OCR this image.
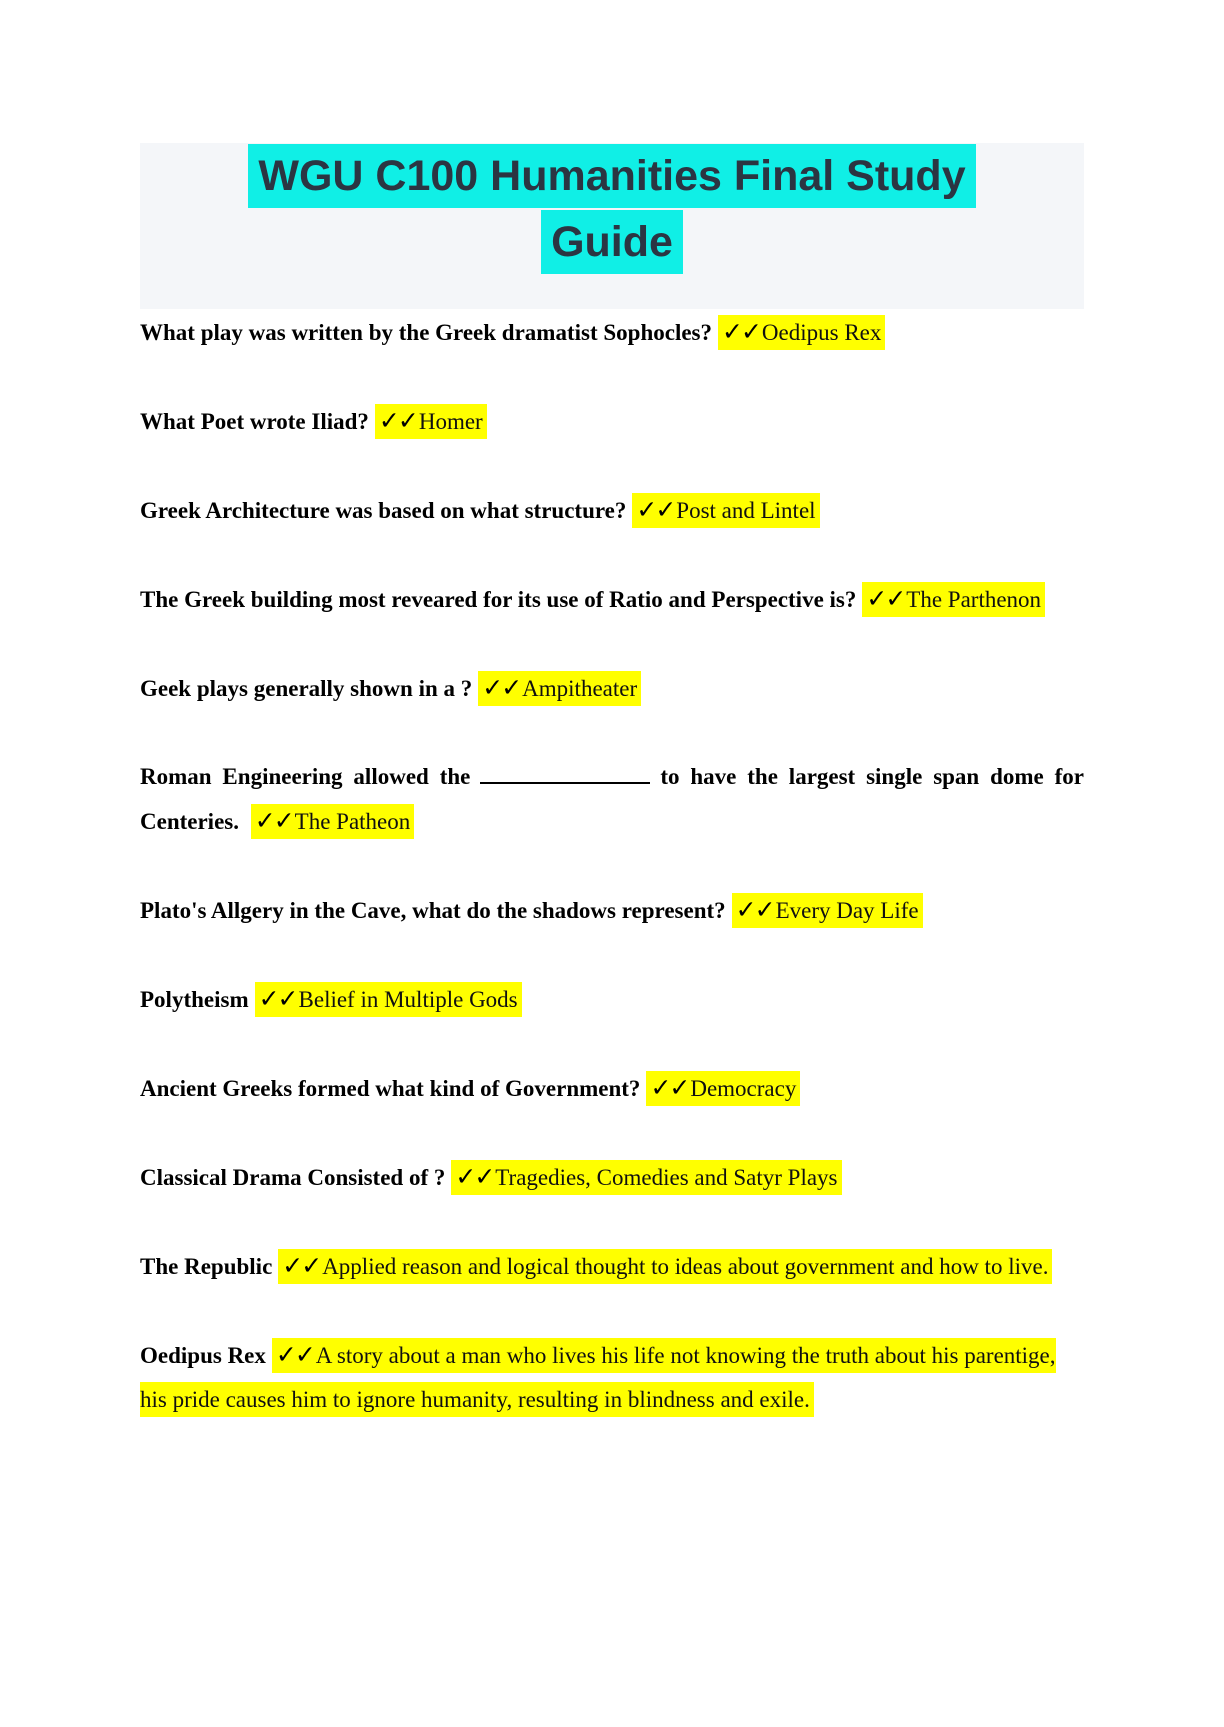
WGU C100 Humanities Final Study
Guide

What play was written by the Greek dramatist Sophocles? ✓✓Oedipus Rex

What Poet wrote Iliad? ✓✓Homer

Greek Architecture was based on what structure? ✓✓Post and Lintel

The Greek building most reveared for its use of Ratio and Perspective is? ✓✓The Parthenon

Geek plays generally shown in a ? ✓✓Ampitheater

Roman Engineering allowed the	to have the largest single span dome for Centeries. ✓✓The Patheon

Plato's Allgery in the Cave, what do the shadows represent? ✓✓Every Day Life

Polytheism ✓✓Belief in Multiple Gods

Ancient Greeks formed what kind of Government? ✓✓Democracy

Classical Drama Consisted of ? ✓✓Tragedies, Comedies and Satyr Plays

The Republic ✓✓Applied reason and logical thought to ideas about government and how to live.

Oedipus Rex ✓✓A story about a man who lives his life not knowing the truth about his parentige, his pride causes him to ignore humanity, resulting in blindness and exile.
